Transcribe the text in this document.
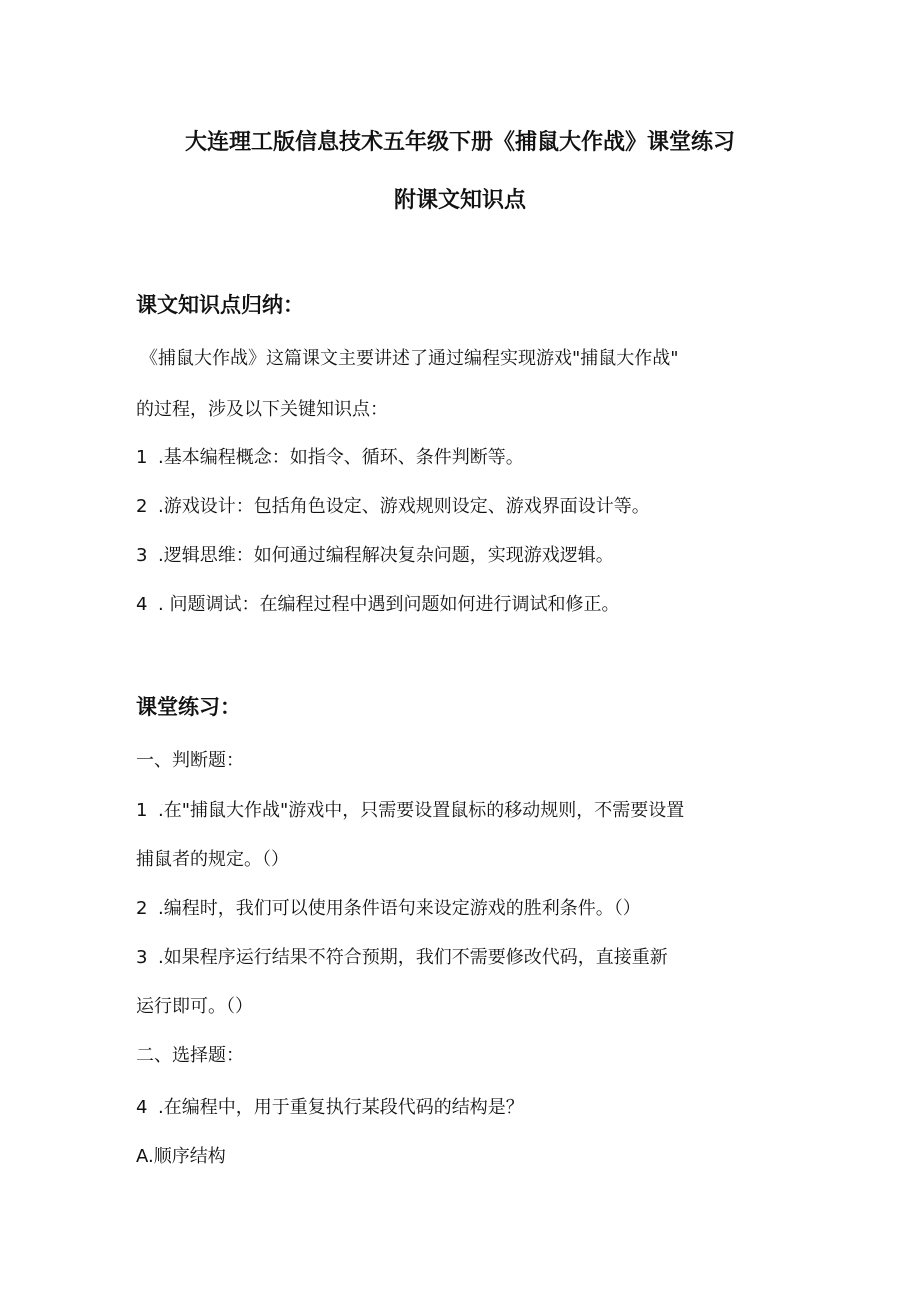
大连理工版信息技术五年级下册《捕鼠大作战》课堂练习
附课文知识点
课文知识点归纳：
《捕鼠大作战》这篇课文主要讲述了通过编程实现游戏"捕鼠大作战"
的过程，涉及以下关键知识点：
1 .基本编程概念：如指令、循环、条件判断等。
2 .游戏设计：包括角色设定、游戏规则设定、游戏界面设计等。
3 .逻辑思维：如何通过编程解决复杂问题，实现游戏逻辑。
4 . 问题调试：在编程过程中遇到问题如何进行调试和修正。
课堂练习：
一、判断题：
1 .在"捕鼠大作战"游戏中，只需要设置鼠标的移动规则，不需要设置
捕鼠者的规定。（）
2 .编程时，我们可以使用条件语句来设定游戏的胜利条件。（）
3 .如果程序运行结果不符合预期，我们不需要修改代码，直接重新
运行即可。（）
二、选择题：
4 .在编程中，用于重复执行某段代码的结构是？
A.顺序结构
